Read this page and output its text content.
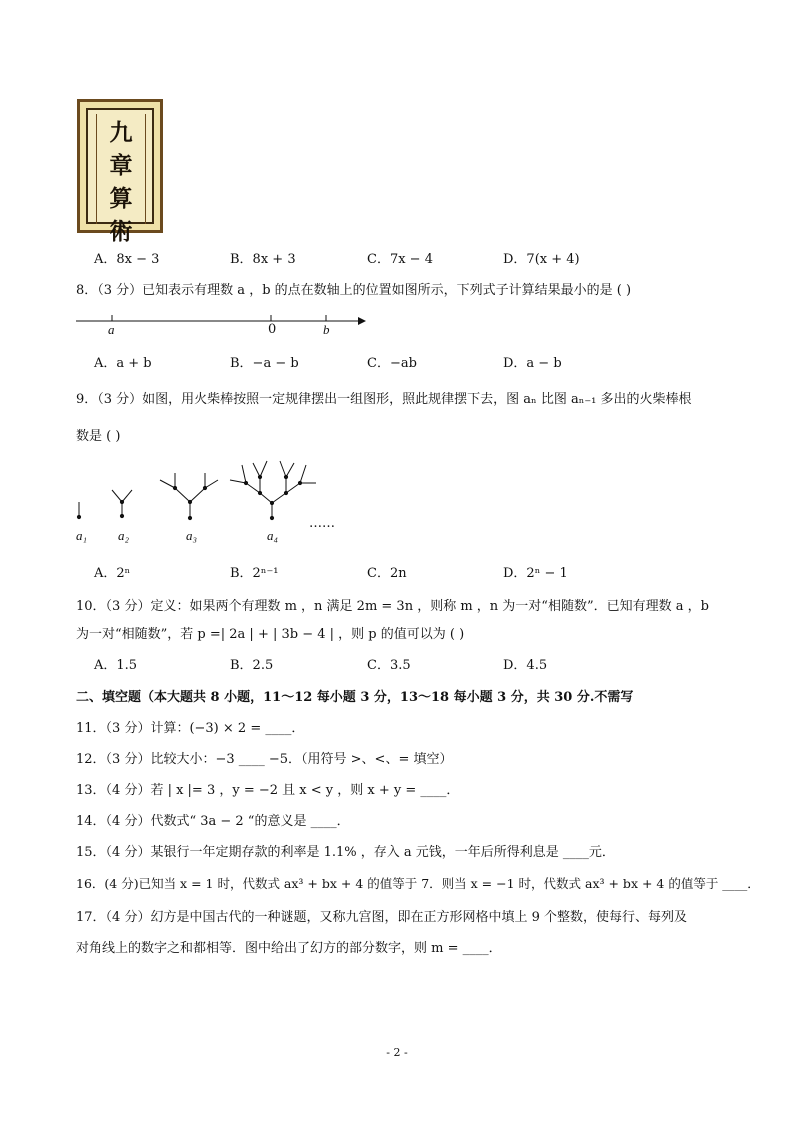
九
章
算
術
A．8x − 3	B．8x + 3	C．7x − 4	D．7(x + 4)
8．（3 分）已知表示有理数 a ，b 的点在数轴上的位置如图所示，下列式子计算结果最小的是 ( )
a	0	b
A．a + b	B．−a − b	C．−ab	D．a − b
9．（3 分）如图，用火柴棒按照一定规律摆出一组图形，照此规律摆下去，图 aₙ 比图 aₙ₋₁ 多出的火柴棒根
数是 ( )
a₁ a₂	a₃	a₄
……
A．2ⁿ	B．2ⁿ⁻¹	C．2n	D．2ⁿ − 1
10．（3 分）定义：如果两个有理数 m ，n 满足 2m = 3n ，则称 m ，n 为一对“相随数”．已知有理数 a ，b
为一对“相随数”，若 p =| 2a | + | 3b − 4 | ，则 p 的值可以为 ( )
A．1.5	B．2.5	C．3.5	D．4.5
二、填空题（本大题共 8 小题，11～12 每小题 3 分，13～18 每小题 3 分，共 30 分.不需写
11．（3 分）计算：(−3) × 2 = ____．
12．（3 分）比较大小：−3 ____ −5．（用符号 >、<、= 填空）
13．（4 分）若 | x |= 3 ，y = −2 且 x < y ，则 x + y = ____．
14．（4 分）代数式“ 3a − 2 “的意义是 ____．
15．（4 分）某银行一年定期存款的利率是 1.1% ，存入 a 元钱，一年后所得利息是 ____元．
16．(4 分)已知当 x = 1 时，代数式 ax³ + bx + 4 的值等于 7．则当 x = −1 时，代数式 ax³ + bx + 4 的值等于 ____．
17．（4 分）幻方是中国古代的一种谜题，又称九宫图，即在正方形网格中填上 9 个整数，使每行、每列及
对角线上的数字之和都相等．图中给出了幻方的部分数字，则 m = ____．
- 2 -
